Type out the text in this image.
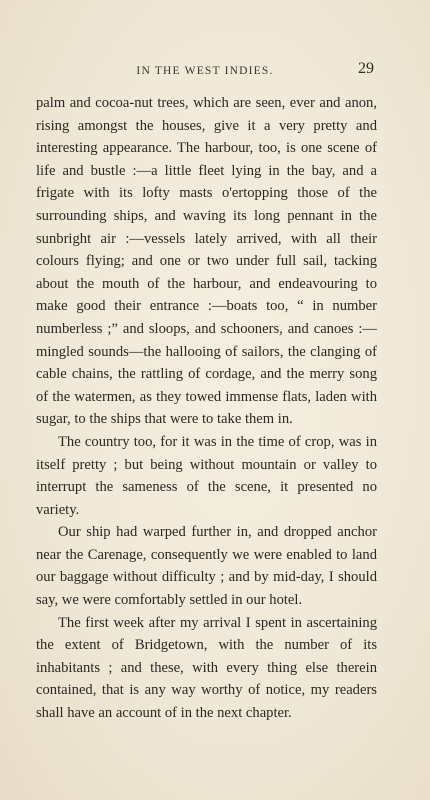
IN THE WEST INDIES.	29

palm and cocoa-nut trees, which are seen, ever and anon, rising amongst the houses, give it a very pretty and interesting appearance. The harbour, too, is one scene of life and bustle :—a little fleet lying in the bay, and a frigate with its lofty masts o'ertopping those of the surrounding ships, and waving its long pennant in the sunbright air :—vessels lately arrived, with all their colours flying; and one or two under full sail, tacking about the mouth of the harbour, and endeavouring to make good their entrance :—boats too, “ in number numberless ;” and sloops, and schooners, and canoes :—mingled sounds—the hallooing of sailors, the clanging of cable chains, the rattling of cordage, and the merry song of the watermen, as they towed immense flats, laden with sugar, to the ships that were to take them in.

The country too, for it was in the time of crop, was in itself pretty ; but being without mountain or valley to interrupt the sameness of the scene, it presented no variety.

Our ship had warped further in, and dropped anchor near the Carenage, consequently we were enabled to land our baggage without difficulty ; and by mid-day, I should say, we were comfortably settled in our hotel.

The first week after my arrival I spent in ascertaining the extent of Bridgetown, with the number of its inhabitants ; and these, with every thing else therein contained, that is any way worthy of notice, my readers shall have an account of in the next chapter.
